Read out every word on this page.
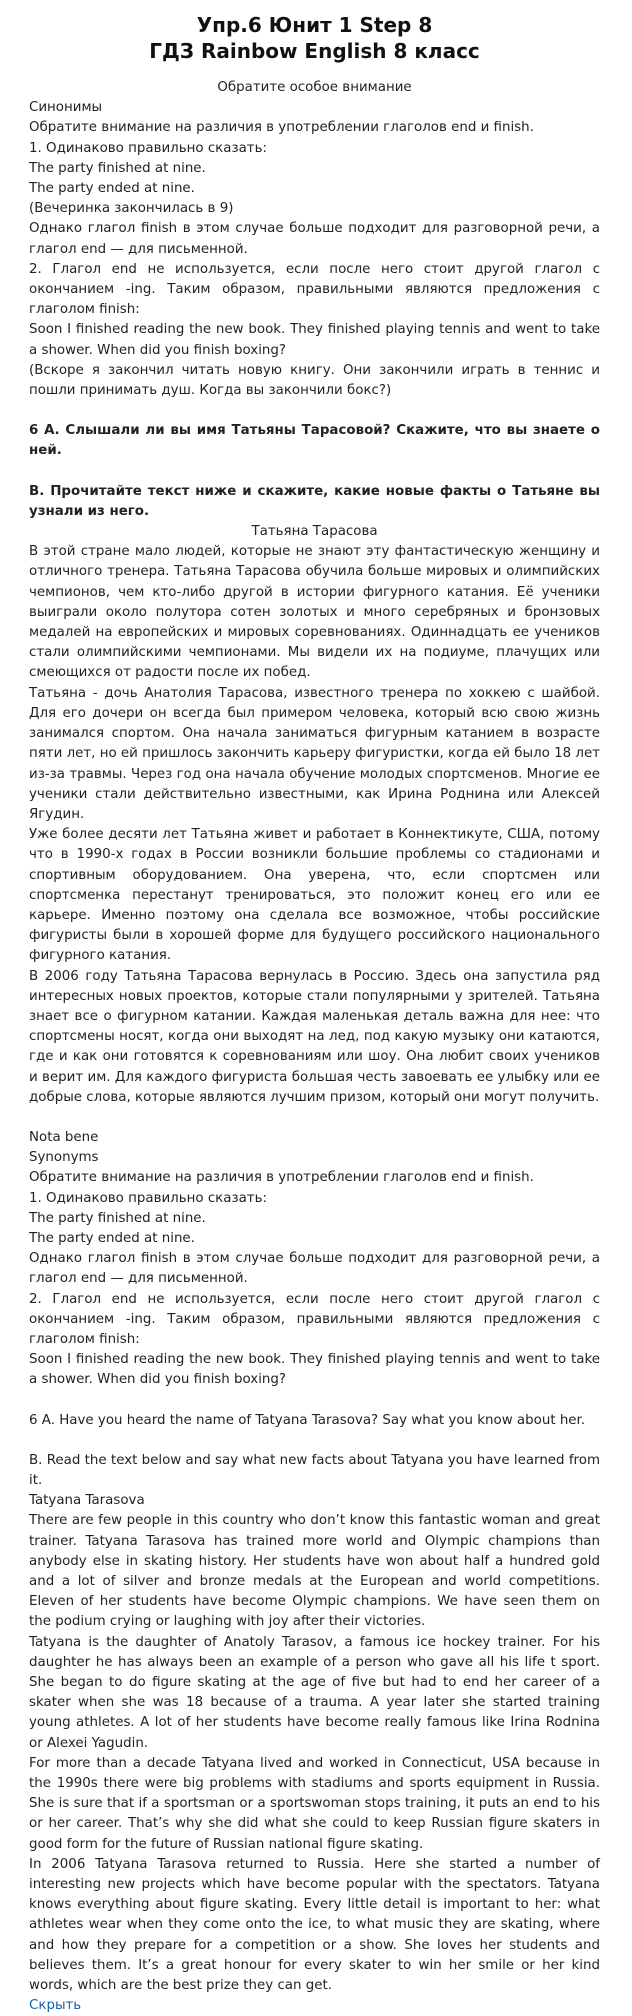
Упр.6 Юнит 1 Step 8
ГДЗ Rainbow English 8 класс
Обратите особое внимание
Синонимы
Обратите внимание на различия в употреблении глаголов end и finish.
1. Одинаково правильно сказать:
The party finished at nine.
The party ended at nine.
(Вечеринка закончилась в 9)
Однако глагол finish в этом случае больше подходит для разговорной речи, а глагол end — для письменной.
2. Глагол end не используется, если после него стоит другой глагол с окончанием -ing. Таким образом, правильными являются предложения с глаголом finish:
Soon I finished reading the new book. They finished playing tennis and went to take a shower. When did you finish boxing?
(Вскоре я закончил читать новую книгу. Они закончили играть в теннис и пошли принимать душ. Когда вы закончили бокс?)
6 А. Слышали ли вы имя Татьяны Тарасовой? Скажите, что вы знаете о ней.
В. Прочитайте текст ниже и скажите, какие новые факты о Татьяне вы узнали из него.
Татьяна Тарасова
В этой стране мало людей, которые не знают эту фантастическую женщину и отличного тренера. Татьяна Тарасова обучила больше мировых и олимпийских чемпионов, чем кто-либо другой в истории фигурного катания. Её ученики выиграли около полутора сотен золотых и много серебряных и бронзовых медалей на европейских и мировых соревнованиях. Одиннадцать ее учеников стали олимпийскими чемпионами. Мы видели их на подиуме, плачущих или смеющихся от радости после их побед.
Татьяна - дочь Анатолия Тарасова, известного тренера по хоккею с шайбой. Для его дочери он всегда был примером человека, который всю свою жизнь занимался спортом. Она начала заниматься фигурным катанием в возрасте пяти лет, но ей пришлось закончить карьеру фигуристки, когда ей было 18 лет из-за травмы. Через год она начала обучение молодых спортсменов. Многие ее ученики стали действительно известными, как Ирина Роднина или Алексей Ягудин.
Уже более десяти лет Татьяна живет и работает в Коннектикуте, США, потому что в 1990-х годах в России возникли большие проблемы со стадионами и спортивным оборудованием. Она уверена, что, если спортсмен или спортсменка перестанут тренироваться, это положит конец его или ее карьере. Именно поэтому она сделала все возможное, чтобы российские фигуристы были в хорошей форме для будущего российского национального фигурного катания.
В 2006 году Татьяна Тарасова вернулась в Россию. Здесь она запустила ряд интересных новых проектов, которые стали популярными у зрителей. Татьяна знает все о фигурном катании. Каждая маленькая деталь важна для нее: что спортсмены носят, когда они выходят на лед, под какую музыку они катаются, где и как они готовятся к соревнованиям или шоу. Она любит своих учеников и верит им. Для каждого фигуриста большая честь завоевать ее улыбку или ее добрые слова, которые являются лучшим призом, который они могут получить.
Nota bene
Synonyms
Обратите внимание на различия в употреблении глаголов end и finish.
1. Одинаково правильно сказать:
The party finished at nine.
The party ended at nine.
Однако глагол finish в этом случае больше подходит для разговорной речи, а глагол end — для письменной.
2. Глагол end не используется, если после него стоит другой глагол с окончанием -ing. Таким образом, правильными являются предложения с глаголом finish:
Soon I finished reading the new book. They finished playing tennis and went to take a shower. When did you finish boxing?
6 A. Have you heard the name of Tatyana Tarasova? Say what you know about her.
B. Read the text below and say what new facts about Tatyana you have learned from it.
Tatyana Tarasova
There are few people in this country who don’t know this fantastic woman and great trainer. Tatyana Tarasova has trained more world and Olympic champions than anybody else in skating history. Her students have won about half a hundred gold and a lot of silver and bronze medals at the European and world competitions. Eleven of her students have become Olympic champions. We have seen them on the podium crying or laughing with joy after their victories.
Tatyana is the daughter of Anatoly Tarasov, a famous ice hockey trainer. For his daughter he has always been an example of a person who gave all his life t sport. She began to do figure skating at the age of five but had to end her career of a skater when she was 18 because of a trauma. A year later she started training young athletes. A lot of her students have become really famous like Irina Rodnina or Alexei Yagudin.
For more than a decade Tatyana lived and worked in Connecticut, USA because in the 1990s there were big problems with stadiums and sports equipment in Russia. She is sure that if a sportsman or a sportswoman stops training, it puts an end to his or her career. That’s why she did what she could to keep Russian figure skaters in good form for the future of Russian national figure skating.
In 2006 Tatyana Tarasova returned to Russia. Here she started a number of interesting new projects which have become popular with the spectators. Tatyana knows everything about figure skating. Every little detail is important to her: what athletes wear when they come onto the ice, to what music they are skating, where and how they prepare for a competition or a show. She loves her students and believes them. It’s a great honour for every skater to win her smile or her kind words, which are the best prize they can get.
Скрыть
